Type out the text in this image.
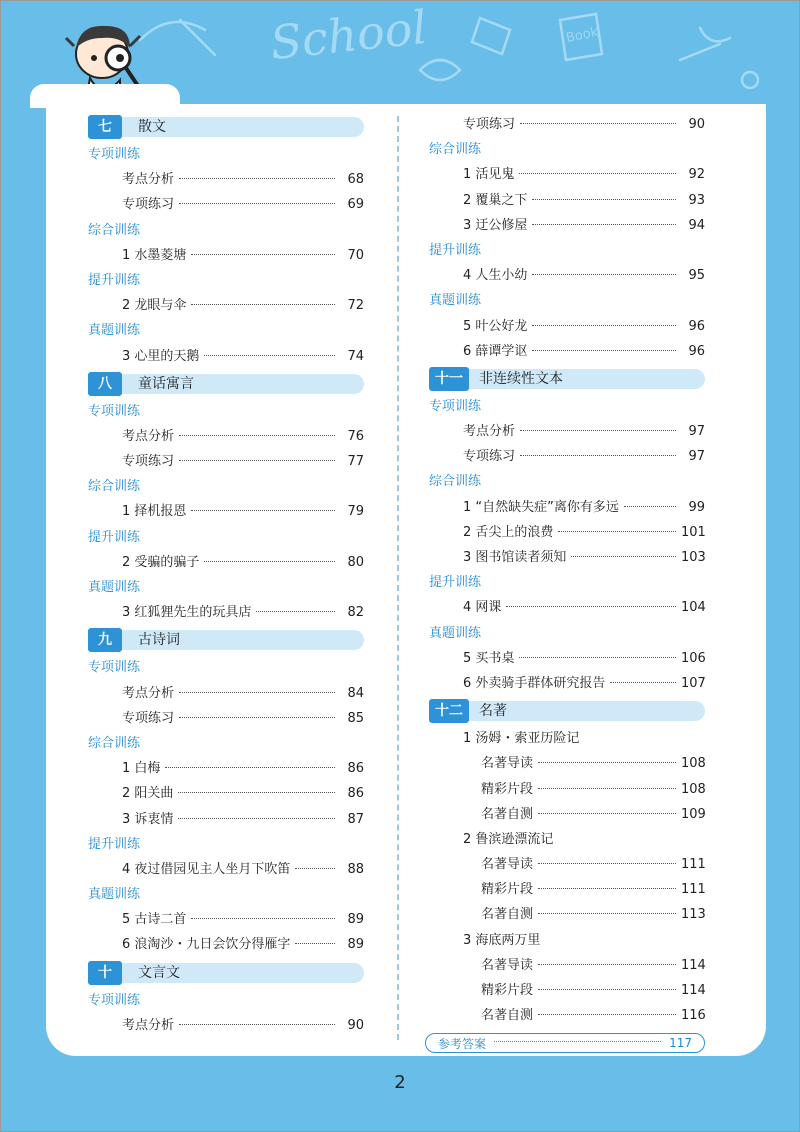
School	Book
七	散文
专项训练
考点分析	68
专项练习	69
综合训练
1 水墨菱塘	70
提升训练
2 龙眼与伞	72
真题训练
3 心里的天鹅	74
八	童话寓言
专项训练
考点分析	76
专项练习	77
综合训练
1 择机报恩	79
提升训练
2 受骗的骗子	80
真题训练
3 红狐狸先生的玩具店	82
九	古诗词
专项训练
考点分析	84
专项练习	85
综合训练
1 白梅	86
2 阳关曲	86
3 诉衷情	87
提升训练
4 夜过借园见主人坐月下吹笛	88
真题训练
5 古诗二首	89
6 浪淘沙・九日会饮分得雁字	89
十	文言文
专项训练
考点分析	90
专项练习	90
综合训练
1 活见鬼	92
2 覆巢之下	93
3 迂公修屋	94
提升训练
4 人生小幼	95
真题训练
5 叶公好龙	96
6 薛谭学讴	96
十一	非连续性文本
专项训练
考点分析	97
专项练习	97
综合训练
1 “自然缺失症”离你有多远	99
2 舌尖上的浪费	101
3 图书馆读者须知	103
提升训练
4 网课	104
真题训练
5 买书桌	106
6 外卖骑手群体研究报告	107
十二	名著
1 汤姆・索亚历险记
名著导读	108
精彩片段	108
名著自测	109
2 鲁滨逊漂流记
名著导读	111
精彩片段	111
名著自测	113
3 海底两万里
名著导读	114
精彩片段	114
名著自测	116
参考答案	117
2
